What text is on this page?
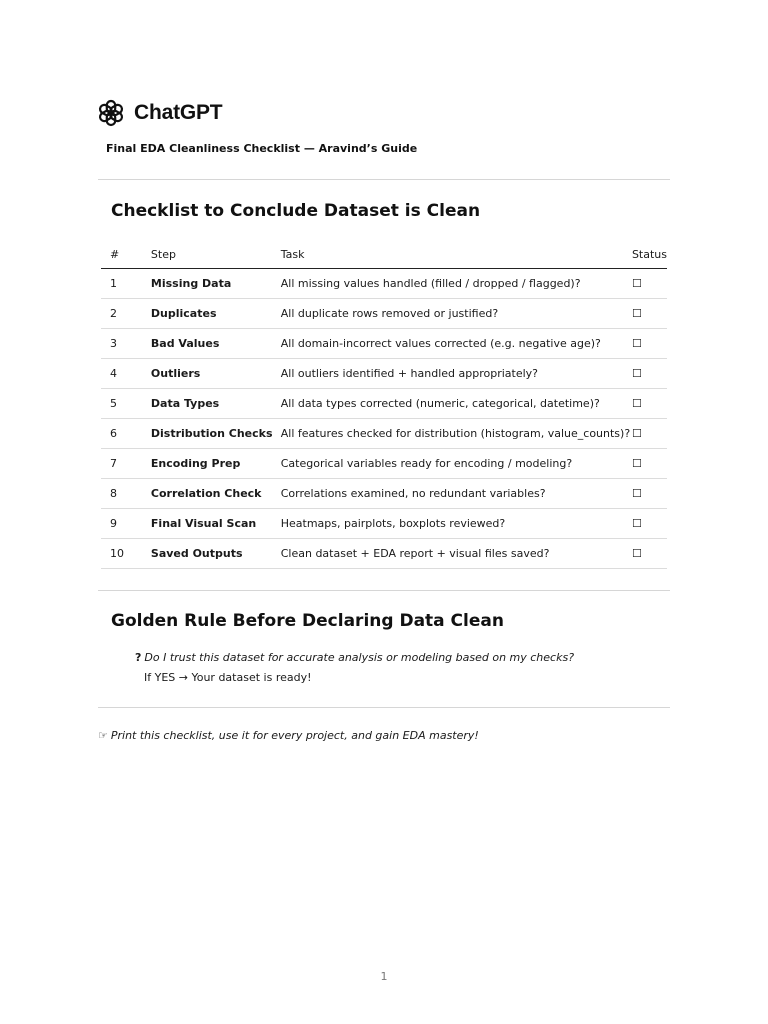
ChatGPT
Final EDA Cleanliness Checklist — Aravind’s Guide
Checklist to Conclude Dataset is Clean
#	Step	Task	Status
1	Missing Data	All missing values handled (filled / dropped / flagged)?	☐
2	Duplicates	All duplicate rows removed or justified?	☐
3	Bad Values	All domain-incorrect values corrected (e.g. negative age)?	☐
4	Outliers	All outliers identified + handled appropriately?	☐
5	Data Types	All data types corrected (numeric, categorical, datetime)?	☐
6	Distribution Checks	All features checked for distribution (histogram, value_counts)?	☐
7	Encoding Prep	Categorical variables ready for encoding / modeling?	☐
8	Correlation Check	Correlations examined, no redundant variables?	☐
9	Final Visual Scan	Heatmaps, pairplots, boxplots reviewed?	☐
10	Saved Outputs	Clean dataset + EDA report + visual files saved?	☐
Golden Rule Before Declaring Data Clean
? Do I trust this dataset for accurate analysis or modeling based on my checks?
If YES → Your dataset is ready!
☞ Print this checklist, use it for every project, and gain EDA mastery!
1
